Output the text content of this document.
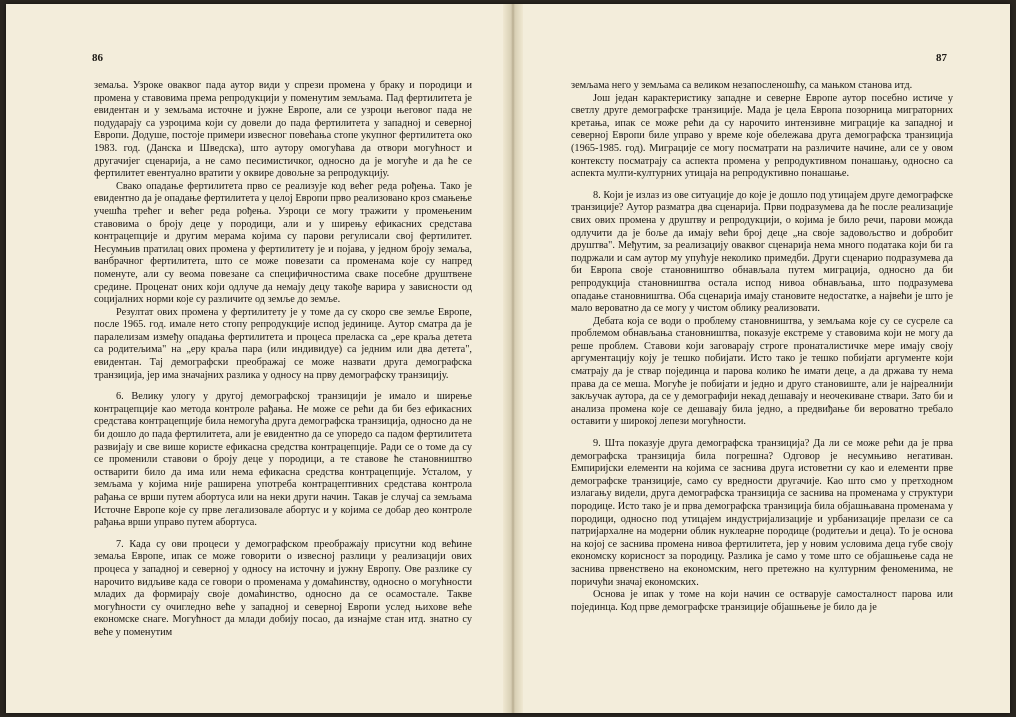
86

земаља. Узроке оваквог пада аутор види у спрези промена у браку и породици и промена у ставовима према репродукцији у поменутим земљама. Пад фертилитета је евидентан и у земљама источне и јужне Европе, али се узроци његовог пада не подударају са узроцима који су довели до пада фертилитета у западној и северној Европи. Додуше, постоје примери извесног повећања стопе укупног фертилитета око 1983. год. (Данска и Шведска), што аутору омогућава да отвори могућност и другачијег сценарија, а не само песимистичког, односно да је могуће и да ће се фертилитет евентуално вратити у оквире довољне за репродукцију.

Свако опадање фертилитета прво се реализује код већег реда рођења. Тако је евидентно да је опадање фертилитета у целој Европи прво реализовано кроз смањење учешћа трећег и већег реда рођења. Узроци се могу тражити у промењеним ставовима о броју деце у породици, али и у ширењу ефикасних средстава контрацепције и другим мерама којима су парови регулисали свој фертилитет. Несумњив пратилац ових промена у фертилитету је и појава, у једном броју земаља, ванбрачног фертилитета, што се може повезати са променама које су напред поменуте, али су веома повезане са специфичностима сваке посебне друштвене средине. Проценат оних који одлуче да немају децу такође варира у зависности од социјалних норми које су различите од земље до земље.

Резултат ових промена у фертилитету је у томе да су скоро све земље Европе, после 1965. год. имале нето стопу репродукције испод јединице. Аутор сматра да је паралелизам између опадања фертилитета и процеса преласка са „ере краља детета са родитељима" на „еру краља пара (или индивидуе) са једним или два детета", евидентан. Тај демографски преображај се може назвати друга демографска транзиција, јер има значајних разлика у односу на прву демографску транзицију.

6. Велику улогу у другој демографској транзицији је имало и ширење контрацепције као метода контроле рађања. Не може се рећи да би без ефикасних средстава контрацепције била немогућа друга демографска транзиција, односно да не би дошло до пада фертилитета, али је евидентно да се упоредо са падом фертилитета развијају и све више користе ефикасна средства контрацепције. Ради се о томе да су се променили ставови о броју деце у породици, а те ставове ће становништво остварити било да има или нема ефикасна средства контрацепције. Усталом, у земљама у којима није раширена употреба контрацептивних средстава контрола рађања се врши путем абортуса или на неки други начин. Такав је случај са земљама Источне Европе које су прве легализовале абортус и у којима се добар део контроле рађања врши управо путем абортуса.

7. Када су ови процеси у демографском преображају присутни код већине земаља Европе, ипак се може говорити о извесној разлици у реализацији ових процеса у западној и северној у односу на источну и јужну Европу. Ове разлике су нарочито видљиве када се говори о променама у домаћинству, односно о могућности младих да формирају своје домаћинство, односно да се осамостале. Такве могућности су очигледно веће у западној и северној Европи услед њихове веће економске снаге. Могућност да млади добију посао, да изнајме стан итд. знатно су веће у поменутим

87

земљама него у земљама са великом незапосленошћу, са мањком станова итд.

Још један карактеристику западне и северне Европе аутор посебно истиче у светлу друге демографске транзиције. Мада је цела Европа позорница миграторних кретања, ипак се може рећи да су нарочито интензивне миграције ка западној и северној Европи биле управо у време које обележава друга демографска транзиција (1965-1985. год). Миграције се могу посматрати на различите начине, али се у овом контексту посматрају са аспекта промена у репродуктивном понашању, односно са аспекта мулти-културних утицаја на репродуктивно понашање.

8. Који је излаз из ове ситуације до које је дошло под утицајем друге демографске транзиције? Аутор разматра два сценарија. Први подразумева да ће после реализације свих ових промена у друштву и репродукцији, о којима је било речи, парови можда одлучити да је боље да имају већи број деце „на своје задовољство и добробит друштва". Међутим, за реализацију оваквог сценарија нема много података који би га подржали и сам аутор му упућује неколико примедби. Други сценарио подразумева да би Европа своје становништво обнављала путем миграција, односно да би репродукција становништва остала испод нивоа обнављања, што подразумева опадање становништва. Оба сценарија имају становите недостатке, а највећи је што је мало вероватно да се могу у чистом облику реализовати.

Дебата која се води о проблему становништва, у земљама које су се сусреле са проблемом обнављања становништва, показује екстреме у ставовима који не могу да реше проблем. Ставови који заговарају строге пронаталистичке мере имају своју аргументацију коју је тешко побијати. Исто тако је тешко побијати аргументе који сматрају да је ствар појединца и парова колико ће имати деце, а да држава ту нема права да се меша. Могуће је побијати и једно и друго становиште, али је најреалнији закључак аутора, да се у демографији некад дешавају и неочекиване ствари. Зато би и анализа промена које се дешавају била једно, а предвиђање би вероватно требало оставити у широкој лепези могућности.

9. Шта показује друга демографска транзиција? Да ли се може рећи да је прва демографска транзиција била погрешна? Одговор је несумњиво негативан. Емпиријски елементи на којима се заснива друга истоветни су као и елементи прве демографске транзиције, само су вредности другачије. Као што смо у претходном излагању видели, друга демографска транзиција се заснива на променама у структури породице. Исто тако је и прва демографска транзиција била објашњавана променама у породици, односно под утицајем индустријализације и урбанизације прелази се са патријархалне на модерни облик нуклеарне породице (родитељи и деца). То је основа на којој се заснива промена нивоа фертилитета, јер у новим условима деца губе своју економску корисност за породицу. Разлика је само у томе што се објашњење сада не заснива првенствено на економским, него претежно на културним феноменима, не поричући значај економских.

Основа је ипак у томе на који начин се остварује самосталност парова или појединца. Код прве демографске транзиције објашњење је било да је
